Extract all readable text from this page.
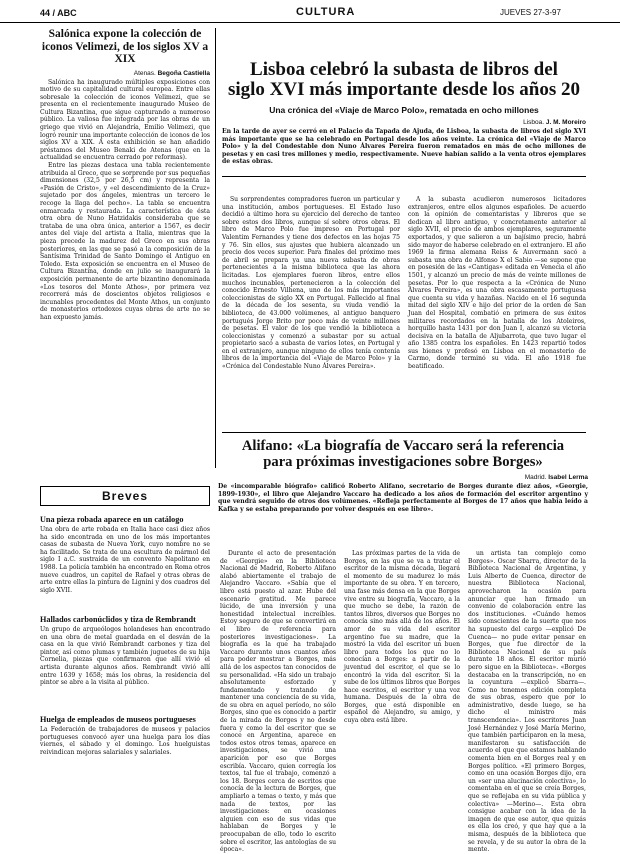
44 / ABC	CULTURA	JUEVES 27-3-97
Salónica expone la colección de iconos Velimezi, de los siglos XV a XIX
Atenas. Begoña Castiella

Salónica ha inaugurado múltiples exposiciones con motivo de su capitalidad cultural europea. Entre ellas sobresale la colección de iconos Velimezi, que se presenta en el recientemente inaugurado Museo de Cultura Bizantina, que sigue capturando a numeroso público. La valiosa fue integrada por las obras de un griego que vivió en Alejandría, Emilio Velimezi, que logró reunir una importante colección de iconos de los siglos XV a XIX. A esta exhibición se han añadido préstamos del Museo Benaki de Atenas (que en la actualidad se encuentra cerrado por reformas).

Entre las piezas destaca una tabla recientemente atribuida al Greco, que se sorprende por sus pequeñas dimensiones (32,5 por 26,5 cm) y representa la «Pasión de Cristo», y «el descendimiento de la Cruz» sujetado por dos ángeles, mientras un tercero le recoge la llaga del pecho». La tabla se encuentra enmarcada y restaurada. La característica de ésta otra obra de Nuno Hatzidakis consideraba que se trataba de una obra única, anterior a 1567, es decir antes del viaje del artista a Italia, mientras que la pieza precede la madurez del Greco en sus obras posteriores, en las que se pasó a la composición de la Santísima Trinidad de Santo Domingo el Antiguo en Toledo. Esta exposición se encuentra en el Museo de Cultura Bizantina, donde en julio se inaugurará la exposición permanente de arte bizantino denominada «Los tesoros del Monte Athos», por primera vez recorrerá más de doscientos objetos religiosos e incunables procedentes del Monte Athos, un conjunto de monasterios ortodoxos cuyas obras de arte no se han expuesto jamás.

Breves
Una pieza robada aparece en un catálogo
Una obra de arte robada en Italia hace casi diez años ha sido encontrada en uno de los más importantes casas de subasta de Nueva York, cuyo nombre no se ha facilitado. Se trata de una escultura de mármol del siglo I a.C. sustraída de un convento Napolitano en 1988. La policía también ha encontrado en Roma otros nueve cuadros, un capitel de Rafael y otras obras de arte entre ellas la pintura de Lignini y dos cuadros del siglo XVII.
Hallados carbonúclidos y tiza de Rembrandt
Un grupo de arqueólogos holandeses han encontrado en una obra de metal guardada en el desván de la casa en la que vivió Rembrandt carbones y tiza del pintor, así como plumas y también juguetes de su hija Cornelia, piezas que confirmaron que allí vivió el artista durante algunos años. Rembrandt vivió allí entre 1639 y 1658; más los obras, la residencia del pintor se abre a la visita al público.
Huelga de empleados de museos portugueses
La Federación de trabajadores de museos y palacios portugueses convocó ayer una huelga para los días viernes, el sábado y el domingo. Los huelguistas reivindican mejoras salariales y salariales.
Lisboa celebró la subasta de libros del
siglo XVI más importante desde los años 20
Una crónica del «Viaje de Marco Polo», rematada en ocho millones
Lisboa. J. M. Moreiro
En la tarde de ayer se cerró en el Palacio da Tapada de Ajuda, de Lisboa, la subasta de libros del siglo XVI más importante que se ha celebrado en Portugal desde los años veinte. La crónica del «Viaje de Marco Polo» y la del Condestable don Nuno Álvares Pereira fueron rematados en más de ocho millones de pesetas y en casi tres millones y medio, respectivamente. Nueve habían salido a la venta otros ejemplares de estas obras.

Su sorprendentes compradores fueron un particular y una institución, ambos portugueses. El Estado luso decidió a último hora su ejercicio del derecho de tanteo sobre estos dos libros, aunque sí sobre otros obras. El libro de Marco Polo fue impreso en Portugal por Valentim Fernandes y tiene dos defectos en las hojas 75 y 76. Sin ellos, sus ajustes que hubiera alcanzado un precio dos veces superior. Para finales del próximo mes de abril se prepara ya una nueva subasta de obras pertenecientes a la misma biblioteca que las ahora licitadas. Los ejemplares fueron libros, entre ellos muchos incunables, pertenecieron a la colección del conocido Ernesto Vilhena, uno de los más importantes coleccionistas de siglo XX en Portugal. Fallecido al final de la década de los sesenta, su viuda vendió la biblioteca, de 43.000 volúmenes, al antiguo banquero portugués Jorge Brito por poco más de veinte millones de pesetas. El valor de los que vendió la biblioteca a coleccionistas y comenzó a subastar por su actual propietario sacó a subasta de varios lotes, en Portugal y en el extranjero, aunque ninguno de ellos tenía contenía libros de la importancia del «Viaje de Marco Polo» y la «Crónica del Condestable Nuno Álvares Pereira».

A la subasta acudieron numerosos licitadores extranjeros, entre ellos algunos españoles. De acuerdo con la opinión de comentaristas y libreros que se dedican al libro antiguo, y concretamente anterior al siglo XVII, el precio de ambos ejemplares, seguramente exportados, y que salieron a un bajísimo precio, habrá sido mayor de haberse celebrado en el extranjero. El año 1969 la firma alemana Reiss & Auvermann sacó a subasta una obra de Alfonso X el Sabio —se supone que en posesión de las «Cantigas» editada en Venecia el año 1501, y alcanzó un precio de más de veinte millones de pesetas. Por lo que respecta a la «Crónica de Nuno Álvares Pereira», es una obra escasamente portuguesa que cuenta su vida y hazañas. Nacido en el 16 segunda mitad del siglo XIV e hijo del prior de la orden de San Juan del Hospital, combatió en primera de sus éxitos militares recordados en la batalla de los Atoleiros, horquillo hasta 1431 por don Juan I, alcanzó su victoria decisiva en la batalla de Aljubarrota, que tuvo lugar el año 1385 contra los españoles. En 1423 repartió todos sus bienes y profesó en Lisboa en el monasterio de Carmo, donde terminó su vida. El año 1918 fue beatificado.

Alifano: «La biografía de Vaccaro será la referencia
para próximas investigaciones sobre Borges»
Madrid. Isabel Lerma
De «incomparable biógrafo» calificó Roberto Alifano, secretario de Borges durante diez años, «Georgie, 1899-1930», el libro que Alejandro Vaccaro ha dedicado a los años de formación del escritor argentino y que vendrá seguido de otros dos volúmenes. «Refleja perfectamente al Borges de 17 años que había leído a Kafka y se estaba preparando por volver después en ese libro».

Durante el acto de presentación de «Georgie» en la Biblioteca Nacional de Madrid, Roberto Alifano alabó abiertamente el trabajo de Alejandro Vaccaro. «Sabía que el libro está puesto al azar. Hube del escenario gratitud. Me parece lúcido, de una inversión y una honestidad intelectual increíbles. Estoy seguro de que se convertirá en el libro de referencia para posteriores investigaciones». La biografía es la que ha trabajado Vaccaro durante unos cuantos años para poder mostrar a Borges, más allá de los aspectos tan conocidos de su personalidad. «Ha sido un trabajo absolutamente esforzado y fundamentado y tratando de mantener una conciencia de su vida, de su obra en aquel período, no sólo Borges, sino que es conocido a partir de la mirada de Borges y no desde fuera y como la del escritor que se conoce en Argentina, aparece en todos estos otros temas, aparece en investigaciones, se vivió una aparición por eso que Borges escribía. Vaccaro, quien corregía los textos, tal fue el trabajo, comenzó a los 18. Borges cerca de escritos que conocía de la lectura de Borges, que ampliarlo a temas o texto, y más que nada de textos, por las investigaciones: en ocasiones alguien con eso de sus vidas que hablaban de Borges y le preocupaban de ello, todo lo escrito sobre el escritor, las antologías de su época».

Las próximas partes de la vida de Borges, en las que se va a tratar el escritor de la misma década, llegará el momento de su madurez lo más importante de su obra. Y en tercero, una fase más densa en la que Borges vive entre su biografía, Vaccaro, a la que mucho se debe, la razón de tantos libros, diversos que Borges no conocía sino más allá de los años. El amor de su vida del escritor argentino fue su madre, que la mostró la vida del escritor un buen libro para todos los que no lo conocían a Borges: a partir de la juventud del escritor, el que se lo encontró la vida del escritor. Si la sube de los últimos libros que Borges hace escritos, el escritor y una voz humana. Después de la obra de Borges, que está disponible en español de Alejandro, su amigo, y cuya obra está libre.

un artista tan complejo como Borges». Oscar Sbarra, director de la Biblioteca Nacional de Argentina, y Luis Alberto de Cuenca, director de nuestra Biblioteca Nacional, aprovecharon la ocasión para anunciar que han firmado un convenio de colaboración entre las dos instituciones. «Cuándo hemos sido conscientes de la suerte que nos ha supuesto del cargo —explicó De Cuenca— no pude evitar pensar en Borges, que fue director de la Biblioteca Nacional de su país durante 18 años. El escritor murió pero sigue en la Biblioteca». «Borges destacaba en la transcripción, no en la coyuntura —explicó Sbarra—. Como no tenemos edición completa de sus obras, espero que por lo administrativo, desde luego, se ha dicho el ministro más transcendencia». Los escritores Juan José Hernández y José María Merino, que también participaron en la mesa, manifestaron su satisfacción de acuerdo el que que estamos hablando comenta bien en el Borges real y en Borges político. «El primero Borges, como en una ocasión Borges dijo, era un «ser una alucinación colectiva», lo comentaba en el que se creía Borges, que se reflejaba en su vida pública y colectiva» —Merino—. Esta obra consigue acabar con la idea de la imagen de que ese autor, que quizás es ella los creó, y que hay que a la misma, después de la biblioteca que se revela, y de su autor la obra de la mente.
